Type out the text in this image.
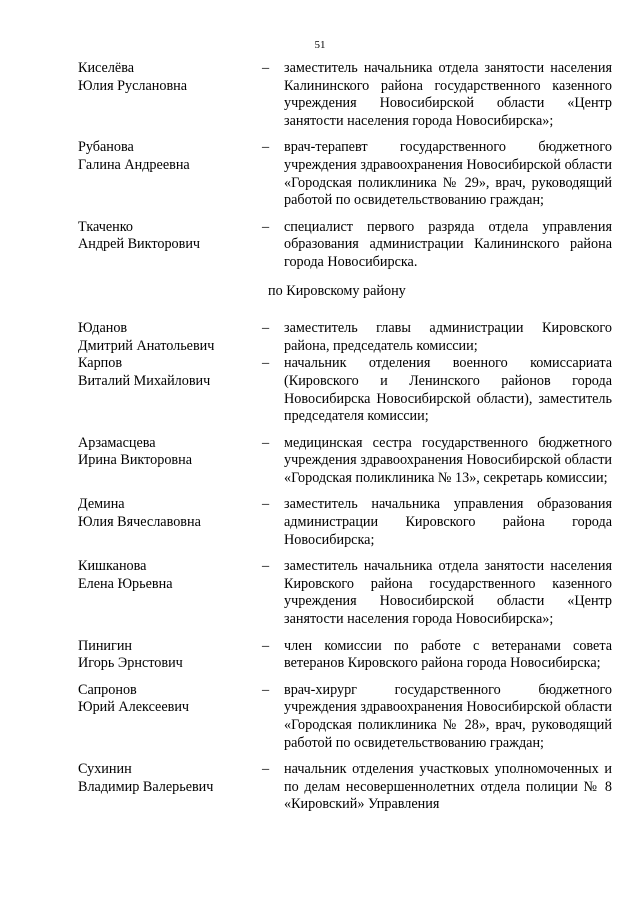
51
Киселёва
Юлия Руслановна
–	заместитель начальника отдела занятости населения Калининского района государственного казенного учреждения Новосибирской области «Центр занятости населения города Новосибирска»;
Рубанова
Галина Андреевна
–	врач-терапевт государственного бюджетного учреждения здравоохранения Новосибирской области «Городская поликлиника № 29», врач, руководящий работой по освидетельствованию граждан;
Ткаченко
Андрей Викторович
–	специалист первого разряда отдела управления образования администрации Калининского района города Новосибирска.
по Кировскому району
Юданов
Дмитрий Анатольевич
–	заместитель главы администрации Кировского района, председатель комиссии;
Карпов
Виталий Михайлович
–	начальник отделения военного комиссариата (Кировского и Ленинского районов города Новосибирска Новосибирской области), заместитель председателя комиссии;
Арзамасцева
Ирина Викторовна
–	медицинская сестра государственного бюджетного учреждения здравоохранения Новосибирской области «Городская поликлиника № 13», секретарь комиссии;
Демина
Юлия Вячеславовна
–	заместитель начальника управления образования администрации Кировского района города Новосибирска;
Кишканова
Елена Юрьевна
–	заместитель начальника отдела занятости населения Кировского района государственного казенного учреждения Новосибирской области «Центр занятости населения города Новосибирска»;
Пинигин
Игорь Эрнстович
–	член комиссии по работе с ветеранами совета ветеранов Кировского района города Новосибирска;
Сапронов
Юрий Алексеевич
–	врач-хирург государственного бюджетного учреждения здравоохранения Новосибирской области «Городская поликлиника № 28», врач, руководящий работой по освидетельствованию граждан;
Сухинин
Владимир Валерьевич
–	начальник отделения участковых уполномоченных и по делам несовершеннолетних отдела полиции № 8 «Кировский» Управления
